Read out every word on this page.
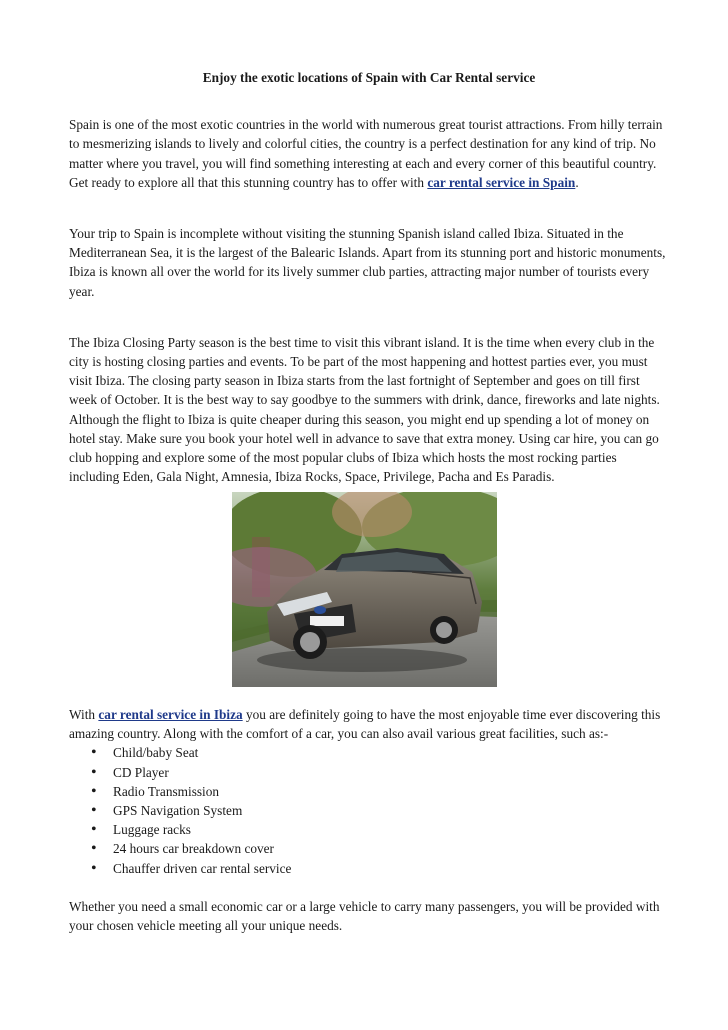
Enjoy the exotic locations of Spain with Car Rental service

Spain is one of the most exotic countries in the world with numerous great tourist attractions. From hilly terrain to mesmerizing islands to lively and colorful cities, the country is a perfect destination for any kind of trip. No matter where you travel, you will find something interesting at each and every corner of this beautiful country. Get ready to explore all that this stunning country has to offer with car rental service in Spain.

Your trip to Spain is incomplete without visiting the stunning Spanish island called Ibiza. Situated in the Mediterranean Sea, it is the largest of the Balearic Islands. Apart from its stunning port and historic monuments, Ibiza is known all over the world for its lively summer club parties, attracting major number of tourists every year.

The Ibiza Closing Party season is the best time to visit this vibrant island. It is the time when every club in the city is hosting closing parties and events. To be part of the most happening and hottest parties ever, you must visit Ibiza. The closing party season in Ibiza starts from the last fortnight of September and goes on till first week of October. It is the best way to say goodbye to the summers with drink, dance, fireworks and late nights. Although the flight to Ibiza is quite cheaper during this season, you might end up spending a lot of money on hotel stay. Make sure you book your hotel well in advance to save that extra money. Using car hire, you can go club hopping and explore some of the most popular clubs of Ibiza which hosts the most rocking parties including Eden, Gala Night, Amnesia, Ibiza Rocks, Space, Privilege, Pacha and Es Paradis.

With car rental service in Ibiza you are definitely going to have the most enjoyable time ever discovering this amazing country. Along with the comfort of a car, you can also avail various great facilities, such as:-

• Child/baby Seat
• CD Player
• Radio Transmission
• GPS Navigation System
• Luggage racks
• 24 hours car breakdown cover
• Chauffer driven car rental service

Whether you need a small economic car or a large vehicle to carry many passengers, you will be provided with your chosen vehicle meeting all your unique needs.
